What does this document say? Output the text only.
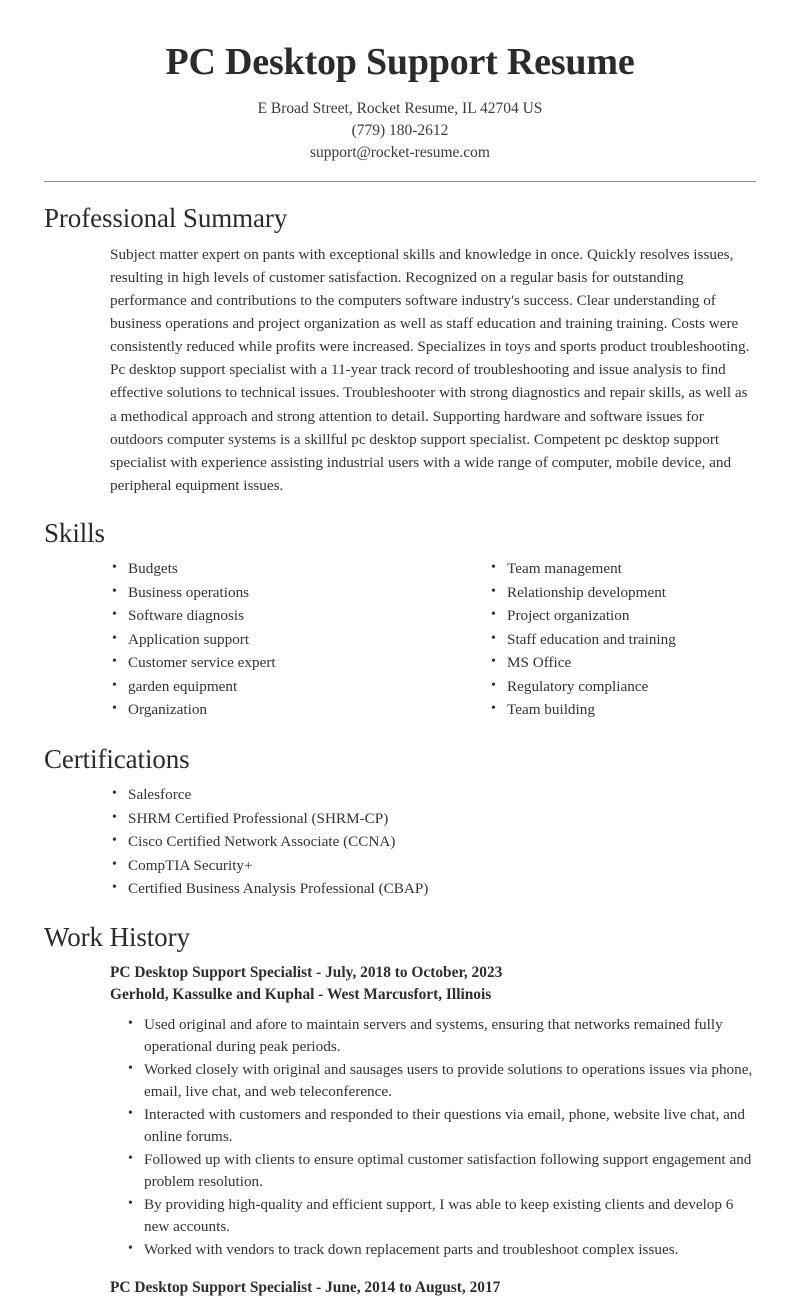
PC Desktop Support Resume
E Broad Street, Rocket Resume, IL 42704 US
(779) 180-2612
support@rocket-resume.com
Professional Summary

Subject matter expert on pants with exceptional skills and knowledge in once. Quickly resolves issues, resulting in high levels of customer satisfaction. Recognized on a regular basis for outstanding performance and contributions to the computers software industry's success. Clear understanding of business operations and project organization as well as staff education and training training. Costs were consistently reduced while profits were increased. Specializes in toys and sports product troubleshooting. Pc desktop support specialist with a 11-year track record of troubleshooting and issue analysis to find effective solutions to technical issues. Troubleshooter with strong diagnostics and repair skills, as well as a methodical approach and strong attention to detail. Supporting hardware and software issues for outdoors computer systems is a skillful pc desktop support specialist. Competent pc desktop support specialist with experience assisting industrial users with a wide range of computer, mobile device, and peripheral equipment issues.

Skills
• Budgets
• Business operations
• Software diagnosis
• Application support
• Customer service expert
• garden equipment
• Organization
• Team management
• Relationship development
• Project organization
• Staff education and training
• MS Office
• Regulatory compliance
• Team building
Certifications
• Salesforce
• SHRM Certified Professional (SHRM-CP)
• Cisco Certified Network Associate (CCNA)
• CompTIA Security+
• Certified Business Analysis Professional (CBAP)
Work History
PC Desktop Support Specialist - July, 2018 to October, 2023
Gerhold, Kassulke and Kuphal - West Marcusfort, Illinois
• Used original and afore to maintain servers and systems, ensuring that networks remained fully operational during peak periods.
• Worked closely with original and sausages users to provide solutions to operations issues via phone, email, live chat, and web teleconference.
• Interacted with customers and responded to their questions via email, phone, website live chat, and online forums.
• Followed up with clients to ensure optimal customer satisfaction following support engagement and problem resolution.
• By providing high-quality and efficient support, I was able to keep existing clients and develop 6 new accounts.
• Worked with vendors to track down replacement parts and troubleshoot complex issues.
PC Desktop Support Specialist - June, 2014 to August, 2017
